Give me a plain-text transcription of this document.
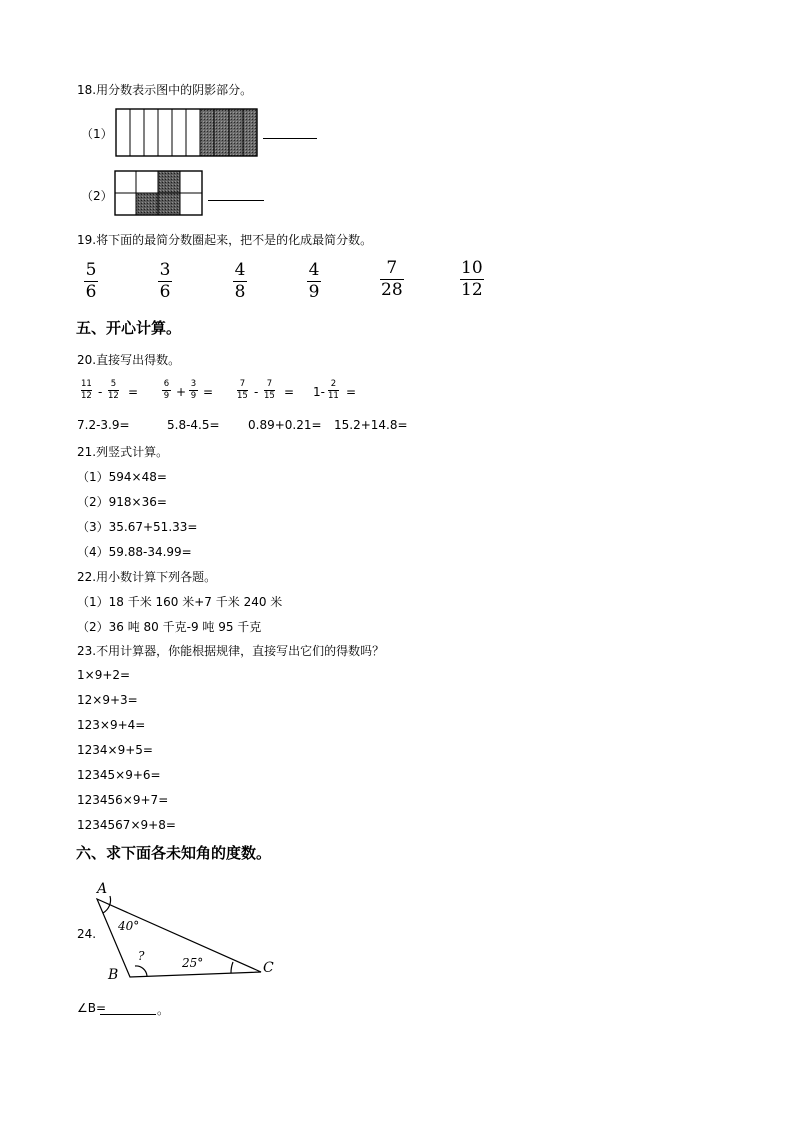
18.用分数表示图中的阴影部分。
（1）
（2）
19.将下面的最简分数圈起来，把不是的化成最简分数。
5
6
3
6
4
8
4
9
7
28
10
12
五、开心计算。
20.直接写出得数。
11
12 -
5
12 =
6
9 +
3
9 =
7
15 -
7
15 = 1-
2
11 =
7.2-3.9=	5.8-4.5= 0.89+0.21= 15.2+14.8=
21.列竖式计算。
（1）594×48=
（2）918×36=
（3）35.67+51.33=
（4）59.88-34.99=
22.用小数计算下列各题。
（1）18 千米 160 米+7 千米 240 米
（2）36 吨 80 千克-9 吨 95 千克
23.不用计算器，你能根据规律，直接写出它们的得数吗？
1×9+2=
12×9+3=
123×9+4=
1234×9+5=
12345×9+6=
123456×9+7=
1234567×9+8=
六、求下面各未知角的度数。
24.
A
B	C
40°
?	25°
∠B=	。
